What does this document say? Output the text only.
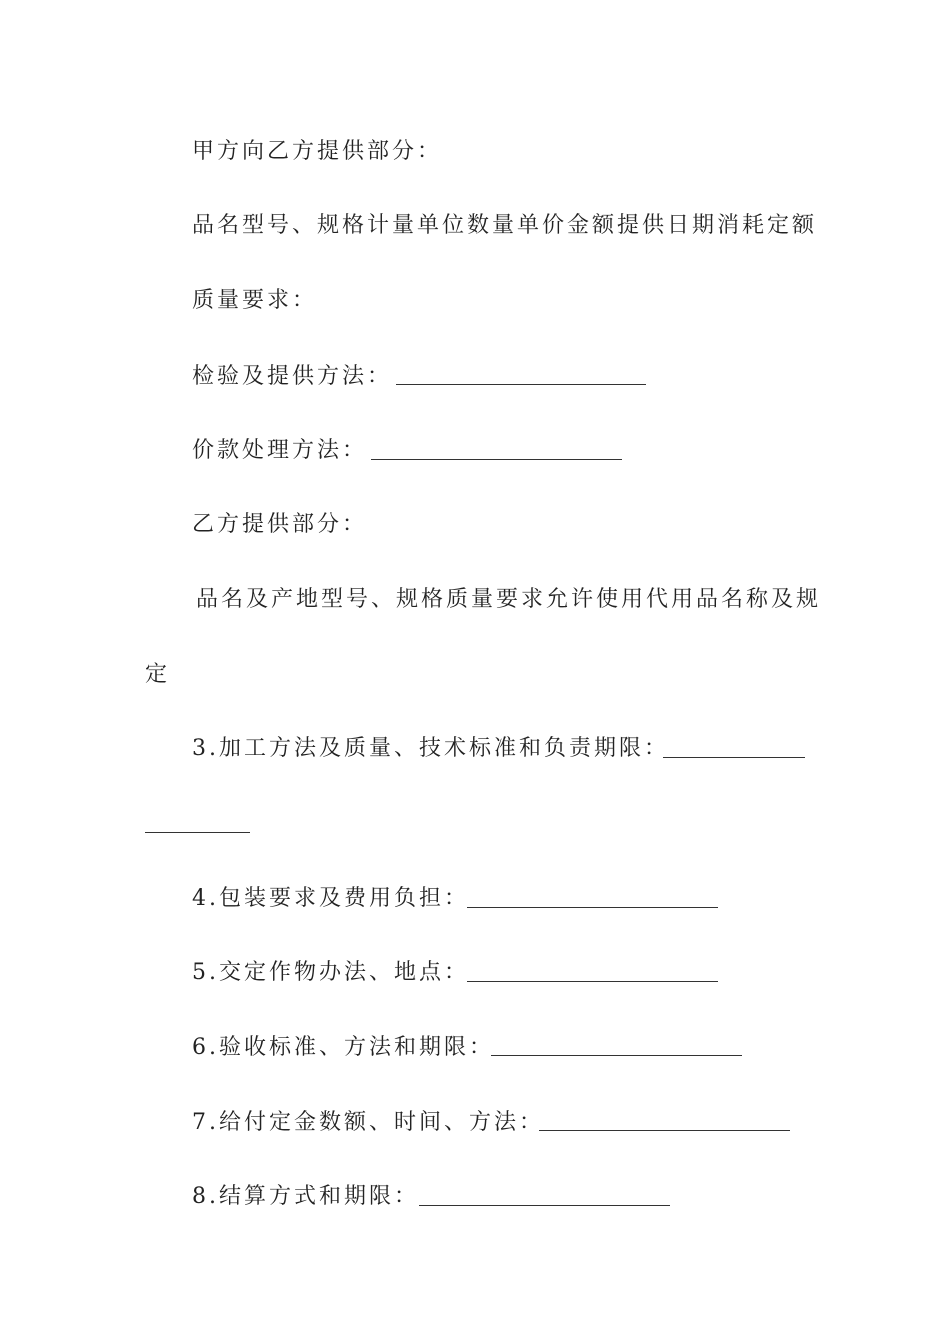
甲方向乙方提供部分：
品名型号、规格计量单位数量单价金额提供日期消耗定额
质量要求：
检验及提供方法：
价款处理方法：
乙方提供部分：
品名及产地型号、规格质量要求允许使用代用品名称及规
定
3.加工方法及质量、技术标准和负责期限：
4.包装要求及费用负担：
5.交定作物办法、地点：
6.验收标准、方法和期限：
7.给付定金数额、时间、方法：
8.结算方式和期限：
